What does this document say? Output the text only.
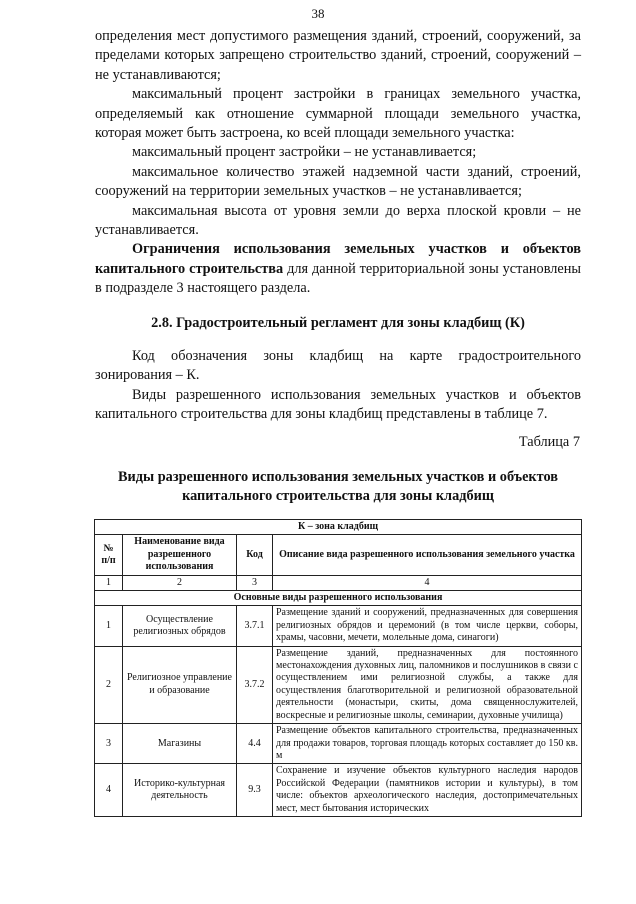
38

определения мест допустимого размещения зданий, строений, сооружений, за пределами которых запрещено строительство зданий, строений, сооружений – не устанавливаются;

максимальный процент застройки в границах земельного участка, определяемый как отношение суммарной площади земельного участка, которая может быть застроена, ко всей площади земельного участка:

максимальный процент застройки – не устанавливается;

максимальное количество этажей надземной части зданий, строений, сооружений на территории земельных участков – не устанавливается;

максимальная высота от уровня земли до верха плоской кровли – не устанавливается.

Ограничения использования земельных участков и объектов капитального строительства для данной территориальной зоны установлены в подразделе 3 настоящего раздела.

2.8. Градостроительный регламент для зоны кладбищ (К)

Код обозначения зоны кладбищ на карте градостроительного зонирования – К.

Виды разрешенного использования земельных участков и объектов капитального строительства для зоны кладбищ представлены в таблице 7.

Таблица 7
Виды разрешенного использования земельных участков и объектов капитального строительства для зоны кладбищ
К – зона кладбищ			
№ п/п	Наименование вида разрешенного использования	Код	Описание вида разрешенного использования земельного участка
1	2	3	4
Основные виды разрешенного использования			
1	Осуществление религиозных обрядов	3.7.1	Размещение зданий и сооружений, предназначенных для совершения религиозных обрядов и церемоний (в том числе церкви, соборы, храмы, часовни, мечети, молельные дома, синагоги)
2	Религиозное управление и образование	3.7.2	Размещение зданий, предназначенных для постоянного местонахождения духовных лиц, паломников и послушников в связи с осуществлением ими религиозной службы, а также для осуществления благотворительной и религиозной образовательной деятельности (монастыри, скиты, дома священнослужителей, воскресные и религиозные школы, семинарии, духовные училища)
3	Магазины	4.4	Размещение объектов капитального строительства, предназначенных для продажи товаров, торговая площадь которых составляет до 150 кв. м
4	Историко-культурная деятельность	9.3	Сохранение и изучение объектов культурного наследия народов Российской Федерации (памятников истории и культуры), в том числе: объектов археологического наследия, достопримечательных мест, мест бытования исторических
